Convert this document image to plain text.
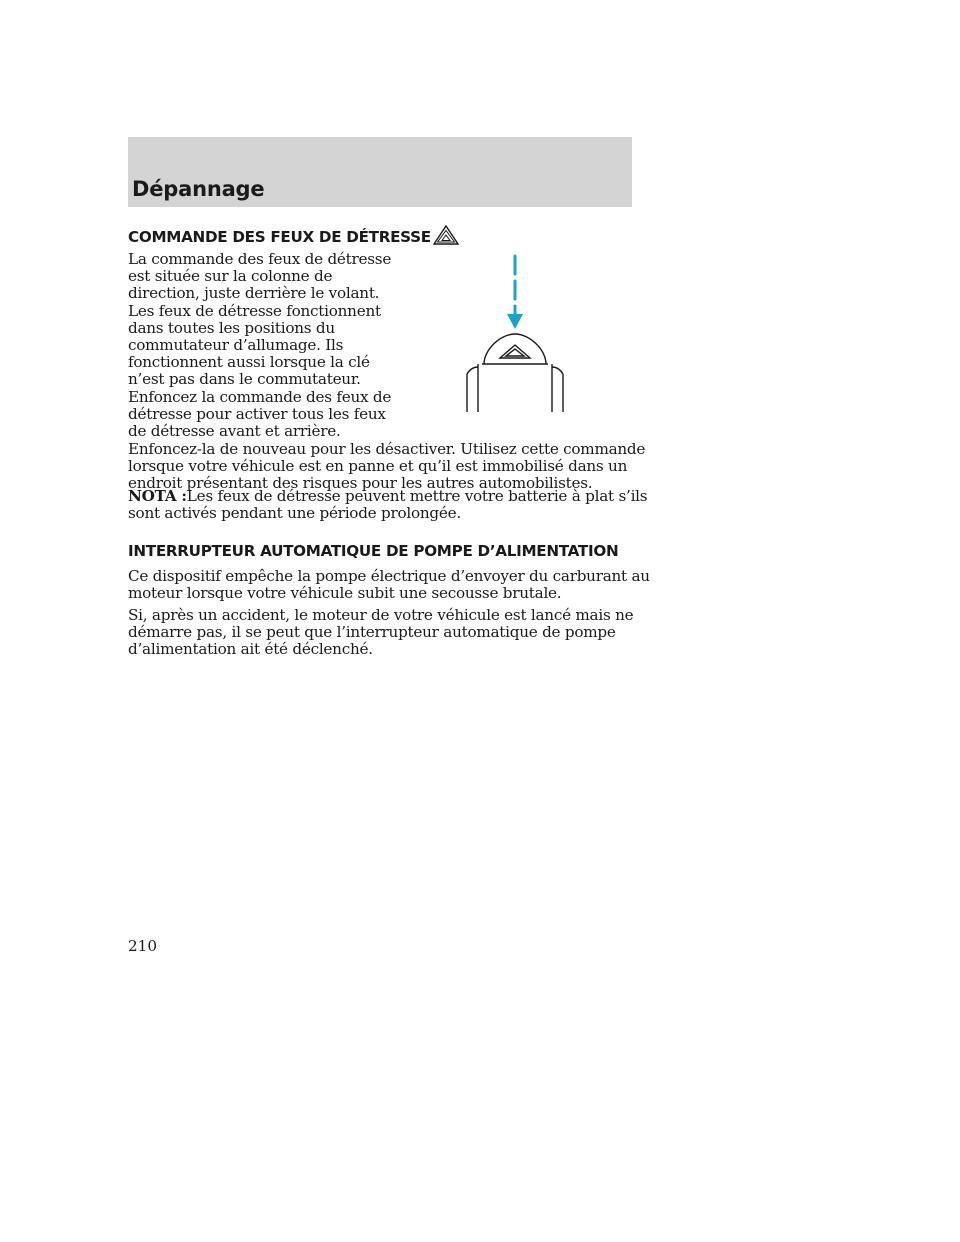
Dépannage
COMMANDE DES FEUX DE DÉTRESSE
La commande des feux de détresse
est située sur la colonne de
direction, juste derrière le volant.
Les feux de détresse fonctionnent
dans toutes les positions du
commutateur d’allumage. Ils
fonctionnent aussi lorsque la clé
n’est pas dans le commutateur.
Enfoncez la commande des feux de
détresse pour activer tous les feux
de détresse avant et arrière.
Enfoncez-la de nouveau pour les désactiver. Utilisez cette commande
lorsque votre véhicule est en panne et qu’il est immobilisé dans un
endroit présentant des risques pour les autres automobilistes.
NOTA :Les feux de détresse peuvent mettre votre batterie à plat s’ils
sont activés pendant une période prolongée.
INTERRUPTEUR AUTOMATIQUE DE POMPE D’ALIMENTATION
Ce dispositif empêche la pompe électrique d’envoyer du carburant au
moteur lorsque votre véhicule subit une secousse brutale.
Si, après un accident, le moteur de votre véhicule est lancé mais ne
démarre pas, il se peut que l’interrupteur automatique de pompe
d’alimentation ait été déclenché.

210
